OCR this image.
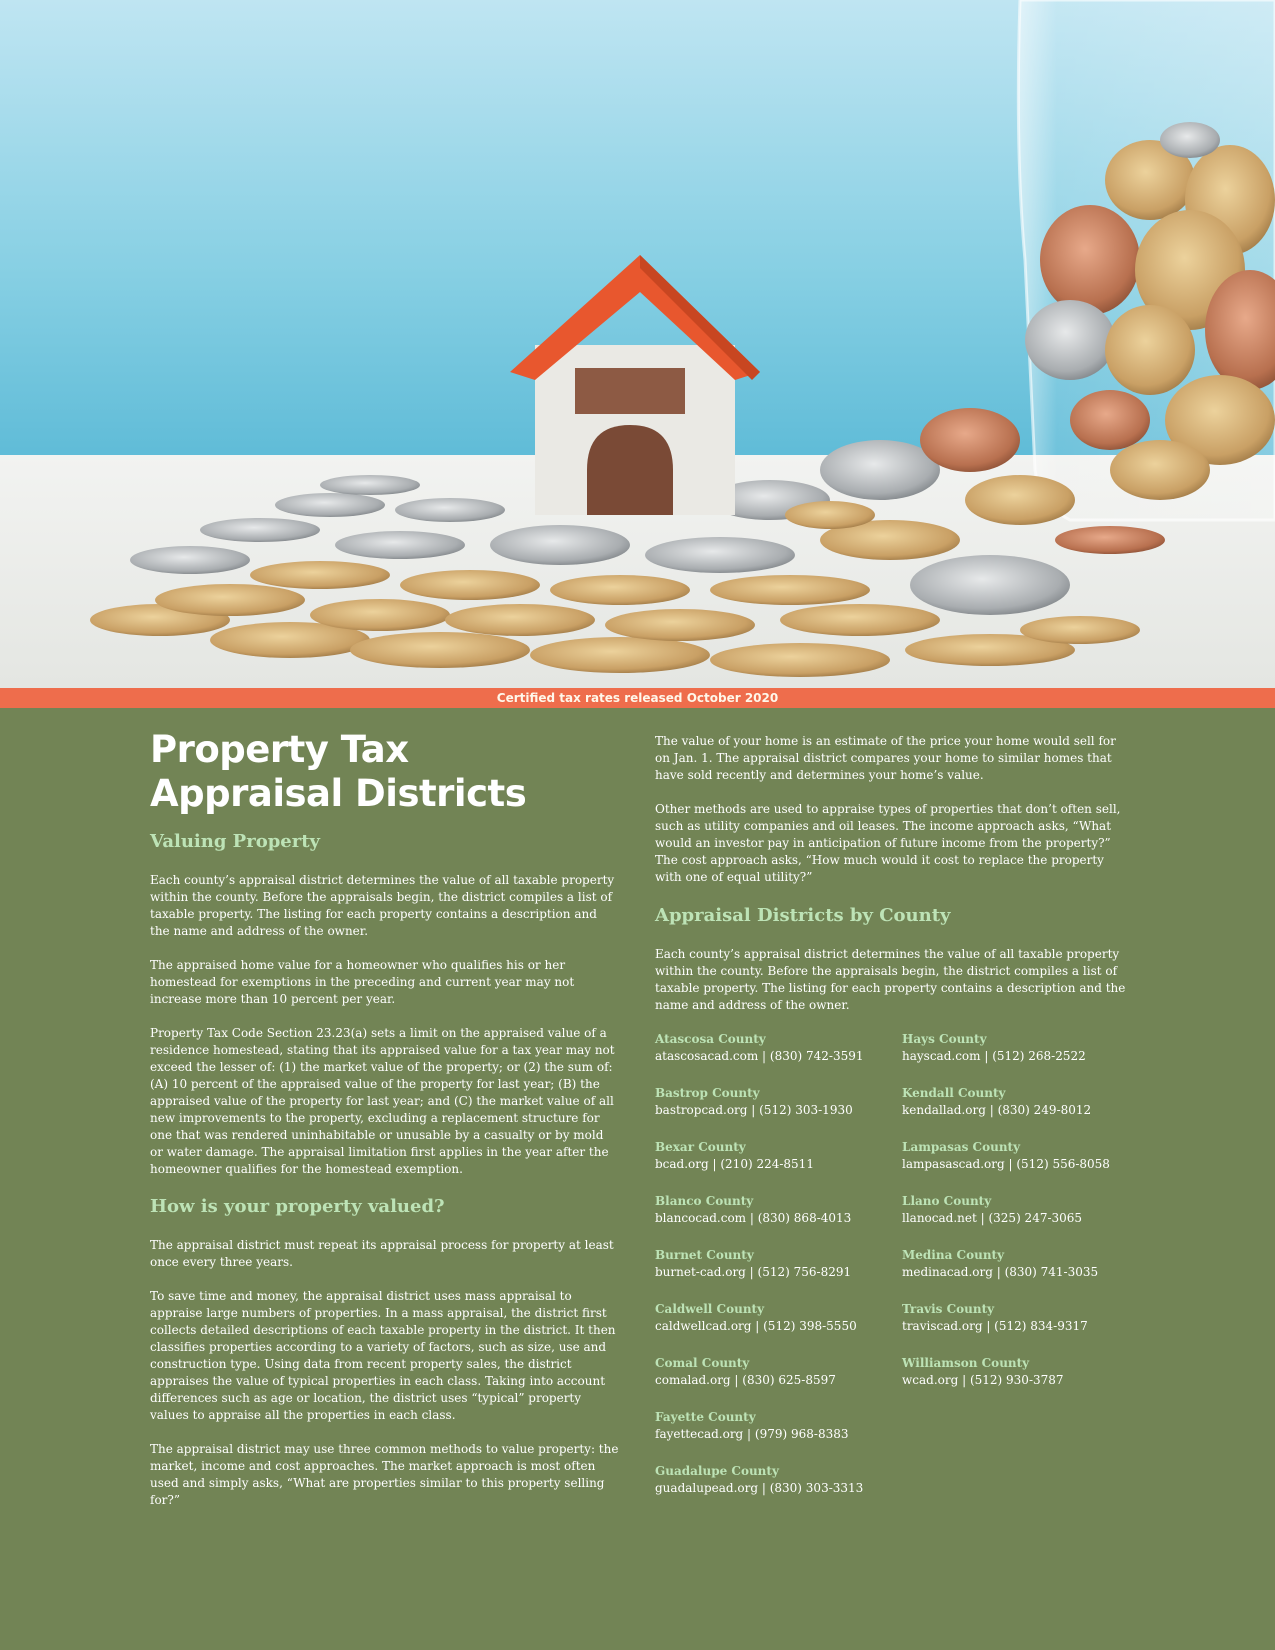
Certified tax rates released October 2020
Property Tax
Appraisal Districts
Valuing Property

Each county’s appraisal district determines the value of all taxable property within the county. Before the appraisals begin, the district compiles a list of taxable property. The listing for each property contains a description and the name and address of the owner.

The appraised home value for a homeowner who qualifies his or her homestead for exemptions in the preceding and current year may not increase more than 10 percent per year.

Property Tax Code Section 23.23(a) sets a limit on the appraised value of a residence homestead, stating that its appraised value for a tax year may not exceed the lesser of: (1) the market value of the property; or (2) the sum of: (A) 10 percent of the appraised value of the property for last year; (B) the appraised value of the property for last year; and (C) the market value of all new improvements to the property, excluding a replacement structure for one that was rendered uninhabitable or unusable by a casualty or by mold or water damage. The appraisal limitation first applies in the year after the homeowner qualifies for the homestead exemption.

How is your property valued?

The appraisal district must repeat its appraisal process for property at least once every three years.

To save time and money, the appraisal district uses mass appraisal to appraise large numbers of properties. In a mass appraisal, the district first collects detailed descriptions of each taxable property in the district. It then classifies properties according to a variety of factors, such as size, use and construction type. Using data from recent property sales, the district appraises the value of typical properties in each class. Taking into account differences such as age or location, the district uses “typical” property values to appraise all the properties in each class.

The appraisal district may use three common methods to value property: the market, income and cost approaches. The market approach is most often used and simply asks, “What are properties similar to this property selling for?”

The value of your home is an estimate of the price your home would sell for on Jan. 1. The appraisal district compares your home to similar homes that have sold recently and determines your home’s value.

Other methods are used to appraise types of properties that don’t often sell, such as utility companies and oil leases. The income approach asks, “What would an investor pay in anticipation of future income from the property?” The cost approach asks, “How much would it cost to replace the property with one of equal utility?”

Appraisal Districts by County

Each county’s appraisal district determines the value of all taxable property within the county. Before the appraisals begin, the district compiles a list of taxable property. The listing for each property contains a description and the name and address of the owner.

Atascosa County
atascosacad.com | (830) 742-3591
Bastrop County
bastropcad.org | (512) 303-1930
Bexar County
bcad.org | (210) 224-8511
Blanco County
blancocad.com | (830) 868-4013
Burnet County
burnet-cad.org | (512) 756-8291
Caldwell County
caldwellcad.org | (512) 398-5550
Comal County
comalad.org | (830) 625-8597
Fayette County
fayettecad.org | (979) 968-8383
Guadalupe County
guadalupead.org | (830) 303-3313
Hays County
hayscad.com | (512) 268-2522
Kendall County
kendallad.org | (830) 249-8012
Lampasas County
lampasascad.org | (512) 556-8058
Llano County
llanocad.net | (325) 247-3065
Medina County
medinacad.org | (830) 741-3035
Travis County
traviscad.org | (512) 834-9317
Williamson County
wcad.org | (512) 930-3787
